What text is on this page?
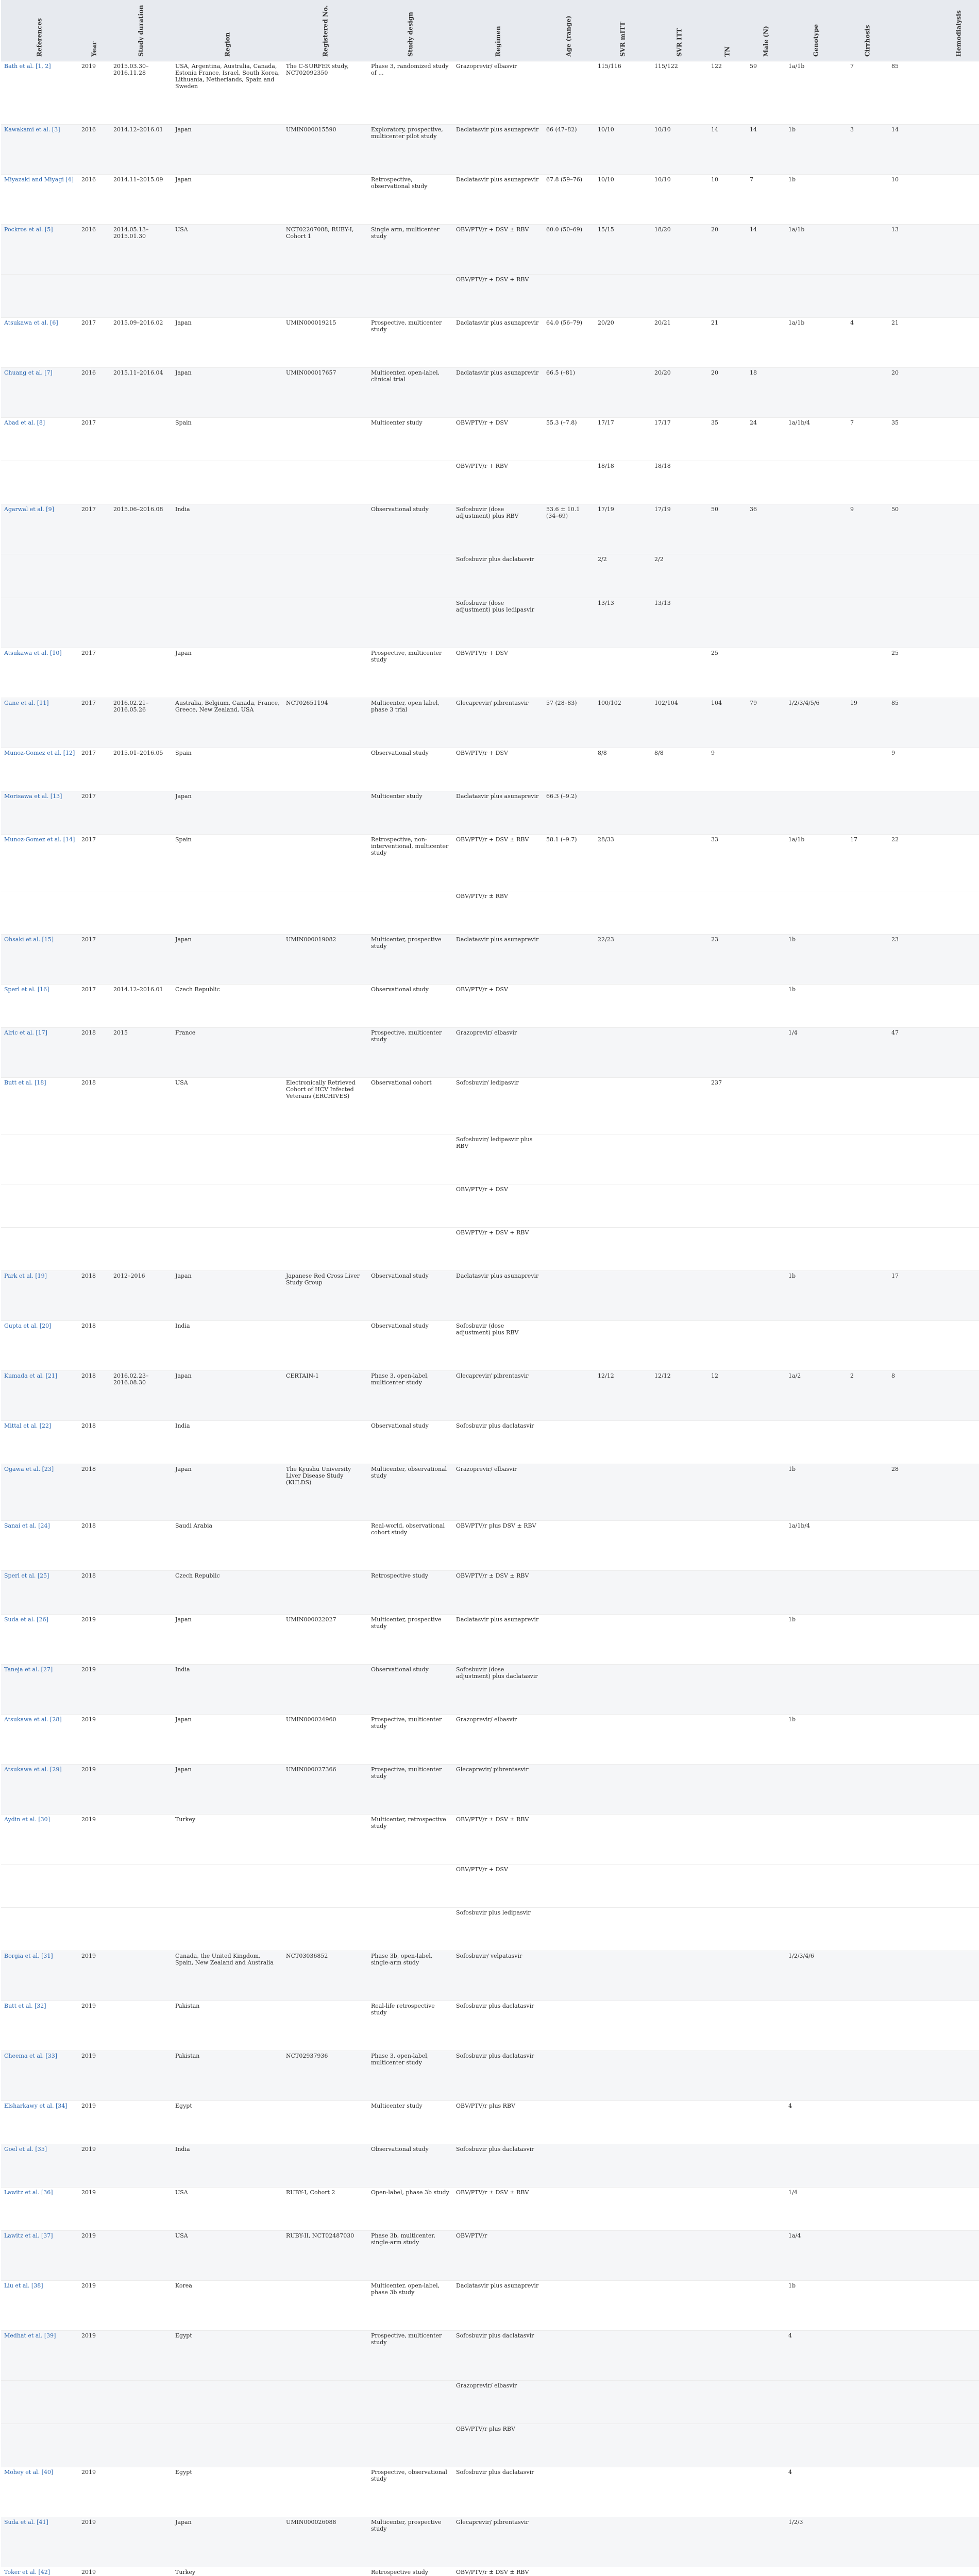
References	Year	Study duration	Region	Registered No.	Study design	Regimen	Age (range)	SVR mITT	SVR ITT	TN	Male (N)	Genotype	Cirrhosis	Hemodialysis

Bath et al. [1, 2]	2019	2015.03.30–2016.11.28	USA, Argentina, Australia, Canada, Estonia France, Israel, South Korea, Lithuania, Netherlands, Spain and Sweden	The C-SURFER study, NCT02092350	Phase 3, randomized study of ...	Grazoprevir/ elbasvir		115/116	115/122	122	59	1a/1b	7	85
Kawakami et al. [3]	2016	2014.12–2016.01	Japan	UMIN000015590	Exploratory, prospective, multicenter pilot study	Daclatasvir plus asunaprevir	66 (47–82)	10/10	10/10	14	14	1b	3	14
Miyazaki and Miyagi [4]	2016	2014.11–2015.09	Japan		Retrospective, observational study	Daclatasvir plus asunaprevir	67.8 (59–76)	10/10	10/10	10	7	1b		10
Pockros et al. [5]	2016	2014.05.13–2015.01.30	USA	NCT02207088, RUBY-I, Cohort 1	Single arm, multicenter study	OBV/PTV/r + DSV ± RBV	60.0 (50–69)	15/15	18/20	20	14	1a/1b		13
						OBV/PTV/r + DSV + RBV								
Atsukawa et al. [6]	2017	2015.09–2016.02	Japan	UMIN000019215	Prospective, multicenter study	Daclatasvir plus asunaprevir	64.0 (56–79)	20/20	20/21	21		1a/1b	4	21
Chuang et al. [7]	2016	2015.11–2016.04	Japan	UMIN000017657	Multicenter, open-label, clinical trial	Daclatasvir plus asunaprevir	66.5 (–81)		20/20	20	18			20
Abad et al. [8]	2017		Spain		Multicenter study	OBV/PTV/r + DSV	55.3 (–7.8)	17/17	17/17	35	24	1a/1b/4	7	35
						OBV/PTV/r + RBV		18/18	18/18					
Agarwal et al. [9]	2017	2015.06–2016.08	India		Observational study	Sofosbuvir (dose adjustment) plus RBV	53.6 ± 10.1 (34–69)	17/19	17/19	50	36		9	50
						Sofosbuvir plus daclatasvir		2/2	2/2					
						Sofosbuvir (dose adjustment) plus ledipasvir		13/13	13/13					
Atsukawa et al. [10]	2017		Japan		Prospective, multicenter study	OBV/PTV/r + DSV				25				25
Gane et al. [11]	2017	2016.02.21–2016.05.26	Australia, Belgium, Canada, France, Greece, New Zealand, USA	NCT02651194	Multicenter, open label, phase 3 trial	Glecaprevir/ pibrentasvir	57 (28–83)	100/102	102/104	104	79	1/2/3/4/5/6	19	85
Munoz-Gomez et al. [12]	2017	2015.01–2016.05	Spain		Observational study	OBV/PTV/r + DSV		8/8	8/8	9				9
Morisawa et al. [13]	2017		Japan		Multicenter study	Daclatasvir plus asunaprevir	66.3 (–9.2)							
Munoz-Gomez et al. [14]	2017		Spain		Retrospective, non-interventional, multicenter study	OBV/PTV/r + DSV ± RBV	58.1 (–9.7)	28/33		33		1a/1b	17	22
						OBV/PTV/r ± RBV								
Ohsaki et al. [15]	2017		Japan	UMIN000019082	Multicenter, prospective study	Daclatasvir plus asunaprevir		22/23		23		1b		23
Sperl et al. [16]	2017	2014.12–2016.01	Czech Republic		Observational study	OBV/PTV/r + DSV						1b		
Alric et al. [17]	2018	2015	France		Prospective, multicenter study	Grazoprevir/ elbasvir						1/4		47
Butt et al. [18]	2018		USA	Electronically Retrieved Cohort of HCV Infected Veterans (ERCHIVES)	Observational cohort	Sofosbuvir/ ledipasvir				237				
						Sofosbuvir/ ledipasvir plus RBV								
						OBV/PTV/r + DSV								
						OBV/PTV/r + DSV + RBV								
Park et al. [19]	2018	2012–2016	Japan	Japanese Red Cross Liver Study Group	Observational study	Daclatasvir plus asunaprevir						1b		17
Gupta et al. [20]	2018		India		Observational study	Sofosbuvir (dose adjustment) plus RBV								
Kumada et al. [21]	2018	2016.02.23–2016.08.30	Japan	CERTAIN-1	Phase 3, open-label, multicenter study	Glecaprevir/ pibrentasvir		12/12	12/12	12		1a/2	2	8
Mittal et al. [22]	2018		India		Observational study	Sofosbuvir plus daclatasvir								
Ogawa et al. [23]	2018		Japan	The Kyushu University Liver Disease Study (KULDS)	Multicenter, observational study	Grazoprevir/ elbasvir						1b		28
Sanai et al. [24]	2018		Saudi Arabia		Real-world, observational cohort study	OBV/PTV/r plus DSV ± RBV						1a/1b/4		
Sperl et al. [25]	2018		Czech Republic		Retrospective study	OBV/PTV/r ± DSV ± RBV								
Suda et al. [26]	2019		Japan	UMIN000022027	Multicenter, prospective study	Daclatasvir plus asunaprevir						1b		
Taneja et al. [27]	2019		India		Observational study	Sofosbuvir (dose adjustment) plus daclatasvir								
Atsukawa et al. [28]	2019		Japan	UMIN000024960	Prospective, multicenter study	Grazoprevir/ elbasvir						1b		
Atsukawa et al. [29]	2019		Japan	UMIN000027366	Prospective, multicenter study	Glecaprevir/ pibrentasvir								
Aydin et al. [30]	2019		Turkey		Multicenter, retrospective study	OBV/PTV/r ± DSV ± RBV								
						OBV/PTV/r + DSV								
						Sofosbuvir plus ledipasvir								
Borgia et al. [31]	2019		Canada, the United Kingdom, Spain, New Zealand and Australia	NCT03036852	Phase 3b, open-label, single-arm study	Sofosbuvir/ velpatasvir						1/2/3/4/6		
Butt et al. [32]	2019		Pakistan		Real-life retrospective study	Sofosbuvir plus daclatasvir								
Cheema et al. [33]	2019		Pakistan	NCT02937936	Phase 3, open-label, multicenter study	Sofosbuvir plus daclatasvir								
Elsharkawy et al. [34]	2019		Egypt		Multicenter study	OBV/PTV/r plus RBV						4		
Goel et al. [35]	2019		India		Observational study	Sofosbuvir plus daclatasvir								
Lawitz et al. [36]	2019		USA	RUBY-I, Cohort 2	Open-label, phase 3b study	OBV/PTV/r ± DSV ± RBV						1/4		
Lawitz et al. [37]	2019		USA	RUBY-II, NCT02487030	Phase 3b, multicenter, single-arm study	OBV/PTV/r						1a/4		
Liu et al. [38]	2019		Korea		Multicenter, open-label, phase 3b study	Daclatasvir plus asunaprevir						1b		
Medhat et al. [39]	2019		Egypt		Prospective, multicenter study	Sofosbuvir plus daclatasvir						4		
						Grazoprevir/ elbasvir								
						OBV/PTV/r plus RBV								
Mohey et al. [40]	2019		Egypt		Prospective, observational study	Sofosbuvir plus daclatasvir						4		
Suda et al. [41]	2019		Japan	UMIN000026088	Multicenter, prospective study	Glecaprevir/ pibrentasvir						1/2/3		
Toker et al. [42]	2019		Turkey		Retrospective study	OBV/PTV/r ± DSV ± RBV								
